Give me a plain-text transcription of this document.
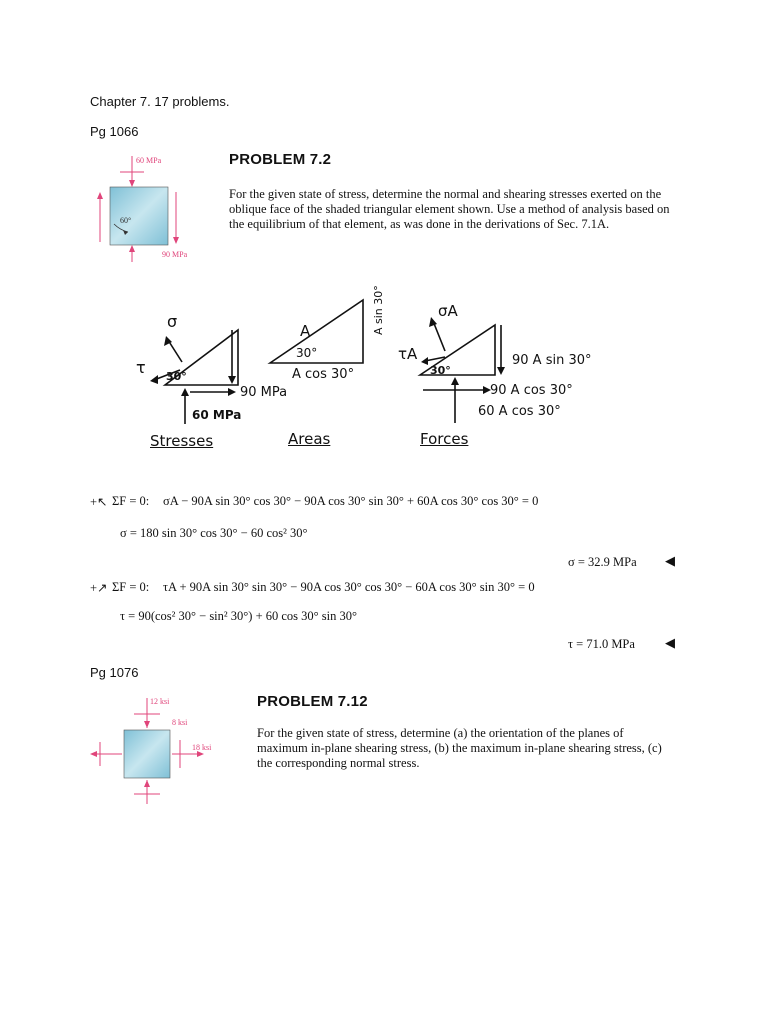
Chapter 7. 17 problems.
Pg 1066
60 MPa
90 MPa
60°
PROBLEM 7.2
For the given state of stress, determine the normal and shearing stresses exerted on the oblique face of the shaded triangular element shown. Use a method of analysis based on the equilibrium of that element, as was done in the derivations of Sec. 7.1A.
σ
τ 30°
90 MPa
60 MPa
Stresses
A
30°
A cos 30°
A sin 30°
Areas
σA
τA
30°
90 A sin 30°
90 A cos 30°
60 A cos 30°
Forces
+↖ ΣF = 0: σA − 90A sin 30° cos 30° − 90A cos 30° sin 30° + 60A cos 30° cos 30° = 0
σ = 180 sin 30° cos 30° − 60 cos² 30°
σ = 32.9 MPa ◀
+↗ ΣF = 0: τA + 90A sin 30° sin 30° − 90A cos 30° cos 30° − 60A cos 30° sin 30° = 0
τ = 90(cos² 30° − sin² 30°) + 60 cos 30° sin 30°
τ = 71.0 MPa ◀
Pg 1076
12 ksi
8 ksi
18 ksi
PROBLEM 7.12
For the given state of stress, determine (a) the orientation of the planes of maximum in-plane shearing stress, (b) the maximum in-plane shearing stress, (c) the corresponding normal stress.
